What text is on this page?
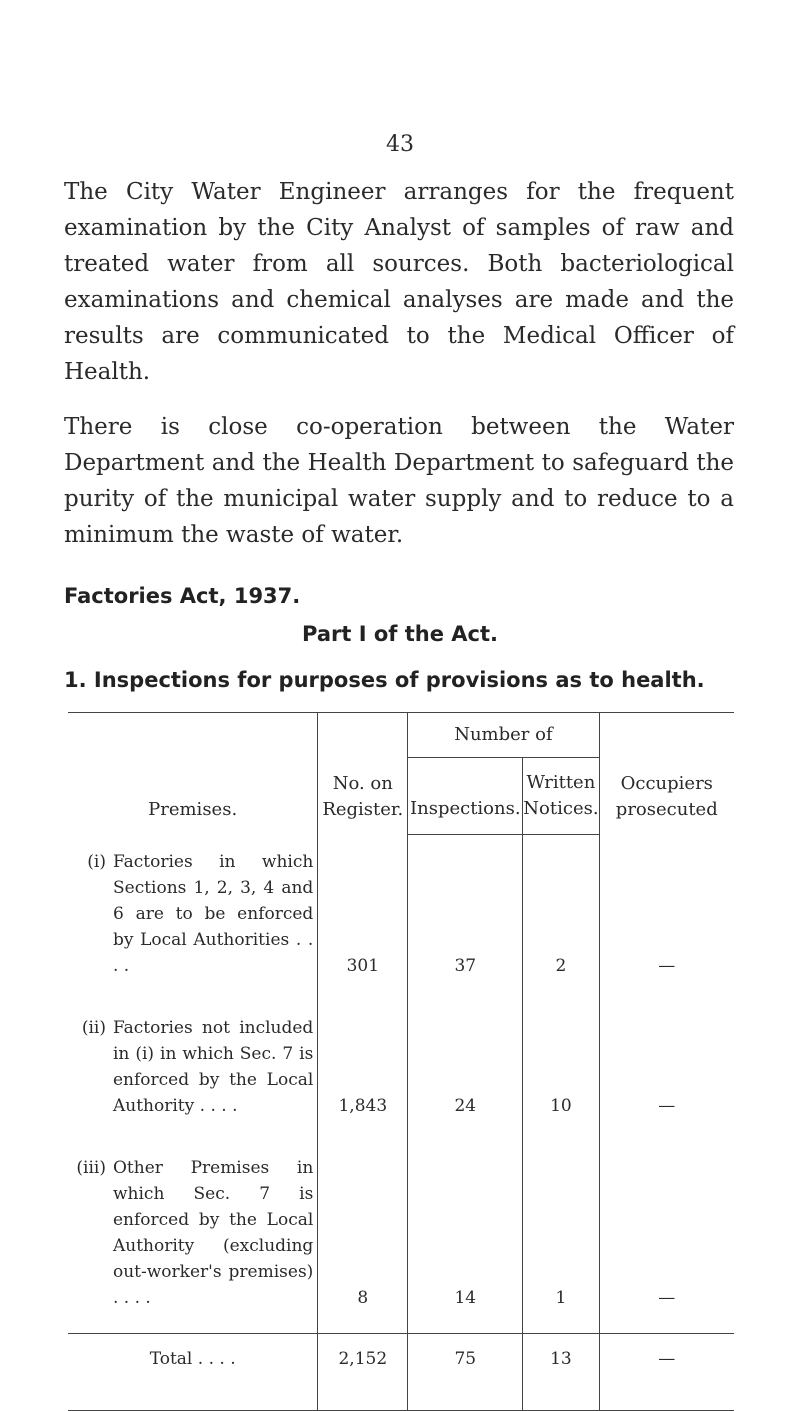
43

The City Water Engineer arranges for the frequent examination by the City Analyst of samples of raw and treated water from all sources. Both bacteriological examinations and chemical analyses are made and the results are communicated to the Medical Officer of Health.

There is close co-operation between the Water Department and the Health Department to safeguard the purity of the municipal water supply and to reduce to a minimum the waste of water.

Factories Act, 1937.
Part I of the Act.
1. Inspections for purposes of provisions as to health.

Premises.	No. on Register.	Number of		Occupiers prosecuted
		Inspections.	Written Notices.	

(i) Factories in which Sections 1, 2, 3, 4 and 6 are to be enforced by Local Authorities . . . .	301	37	2	—

(ii) Factories not included in (i) in which Sec. 7 is enforced by the Local Authority . . . .	1,843	24	10	—

(iii) Other Premises in which Sec. 7 is enforced by the Local Authority (excluding out-worker's premises) . . . .	8	14	1	—
Total . . . .	2,152	75	13	—
